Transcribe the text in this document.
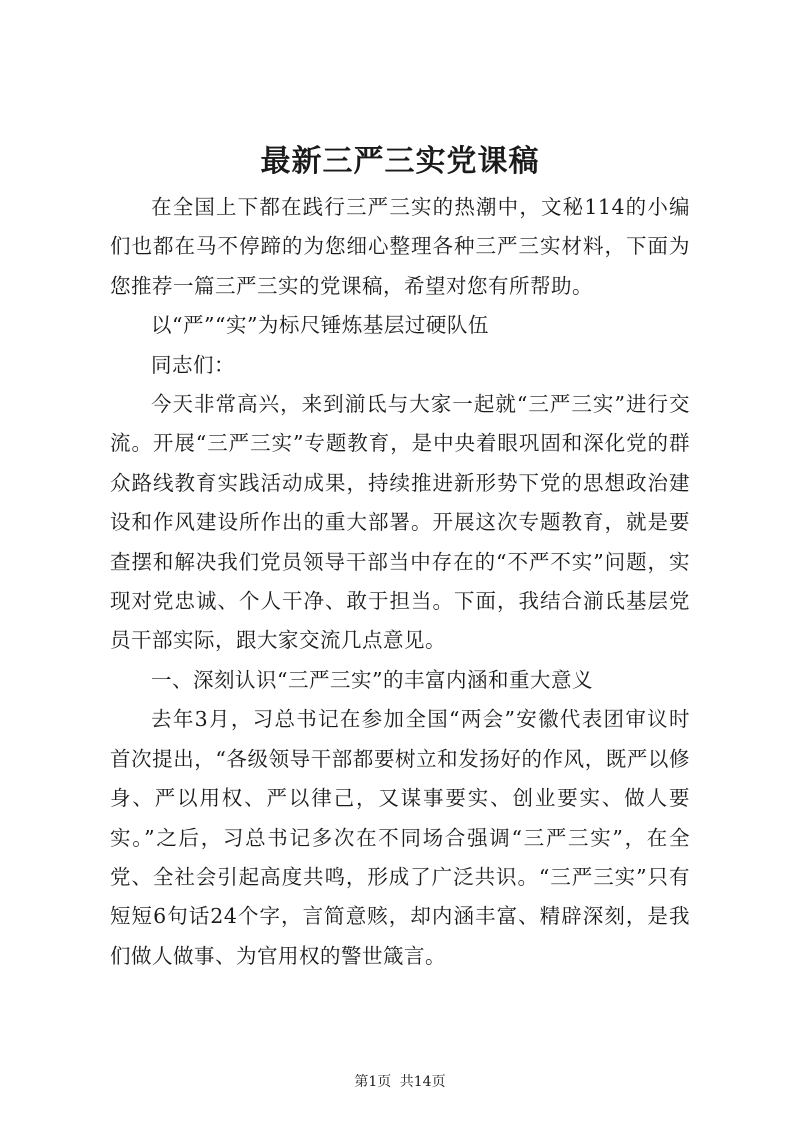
最新三严三实党课稿

在全国上下都在践行三严三实的热潮中，文秘114的小编们也都在马不停蹄的为您细心整理各种三严三实材料，下面为您推荐一篇三严三实的党课稿，希望对您有所帮助。

以“严”“实”为标尺锤炼基层过硬队伍

同志们：

今天非常高兴，来到湔氐与大家一起就“三严三实”进行交流。开展“三严三实”专题教育，是中央着眼巩固和深化党的群众路线教育实践活动成果，持续推进新形势下党的思想政治建设和作风建设所作出的重大部署。开展这次专题教育，就是要查摆和解决我们党员领导干部当中存在的“不严不实”问题，实现对党忠诚、个人干净、敢于担当。下面，我结合湔氐基层党员干部实际，跟大家交流几点意见。

一、深刻认识“三严三实”的丰富内涵和重大意义

去年3月，习总书记在参加全国“两会”安徽代表团审议时首次提出，“各级领导干部都要树立和发扬好的作风，既严以修身、严以用权、严以律己，又谋事要实、创业要实、做人要实。”之后，习总书记多次在不同场合强调“三严三实”，在全党、全社会引起高度共鸣，形成了广泛共识。“三严三实”只有短短6句话24个字，言简意赅，却内涵丰富、精辟深刻，是我们做人做事、为官用权的警世箴言。

第1页 共14页
